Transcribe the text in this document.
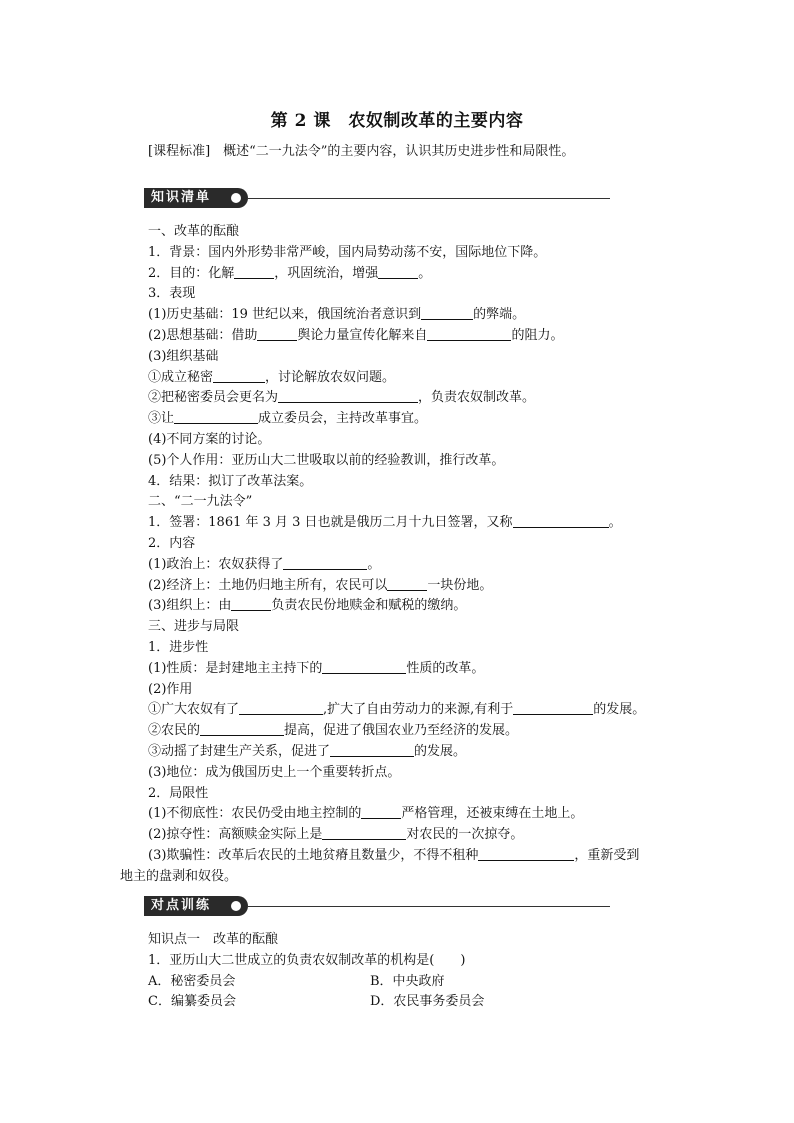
第 2 课　农奴制改革的主要内容
[课程标准]　概述“二一九法令”的主要内容，认识其历史进步性和局限性。
知识清单
一、改革的酝酿
1．背景：国内外形势非常严峻，国内局势动荡不安，国际地位下降。
2．目的：化解	，巩固统治，增强	。
3．表现
(1)历史基础：19 世纪以来，俄国统治者意识到	的弊端。
(2)思想基础：借助	舆论力量宣传化解来自	的阻力。
(3)组织基础
①成立秘密	，讨论解放农奴问题。
②把秘密委员会更名为	，负责农奴制改革。
③让	成立委员会，主持改革事宜。
(4)不同方案的讨论。
(5)个人作用：亚历山大二世吸取以前的经验教训，推行改革。
4．结果：拟订了改革法案。
二、“二一九法令”
1．签署：1861 年 3 月 3 日也就是俄历二月十九日签署，又称	。
2．内容
(1)政治上：农奴获得了	。
(2)经济上：土地仍归地主所有，农民可以	一块份地。
(3)组织上：由	负责农民份地赎金和赋税的缴纳。
三、进步与局限
1．进步性
(1)性质：是封建地主主持下的	性质的改革。
(2)作用
①广大农奴有了	,扩大了自由劳动力的来源,有利于	的发展。
②农民的	提高，促进了俄国农业乃至经济的发展。
③动摇了封建生产关系，促进了	的发展。
(3)地位：成为俄国历史上一个重要转折点。
2．局限性
(1)不彻底性：农民仍受由地主控制的	严格管理，还被束缚在土地上。
(2)掠夺性：高额赎金实际上是	对农民的一次掠夺。
(3)欺骗性：改革后农民的土地贫瘠且数量少，不得不租种	，重新受到
地主的盘剥和奴役。
对点训练
知识点一　改革的酝酿
1．亚历山大二世成立的负责农奴制改革的机构是(　　)
A．秘密委员会	B．中央政府
C．编纂委员会	D．农民事务委员会
